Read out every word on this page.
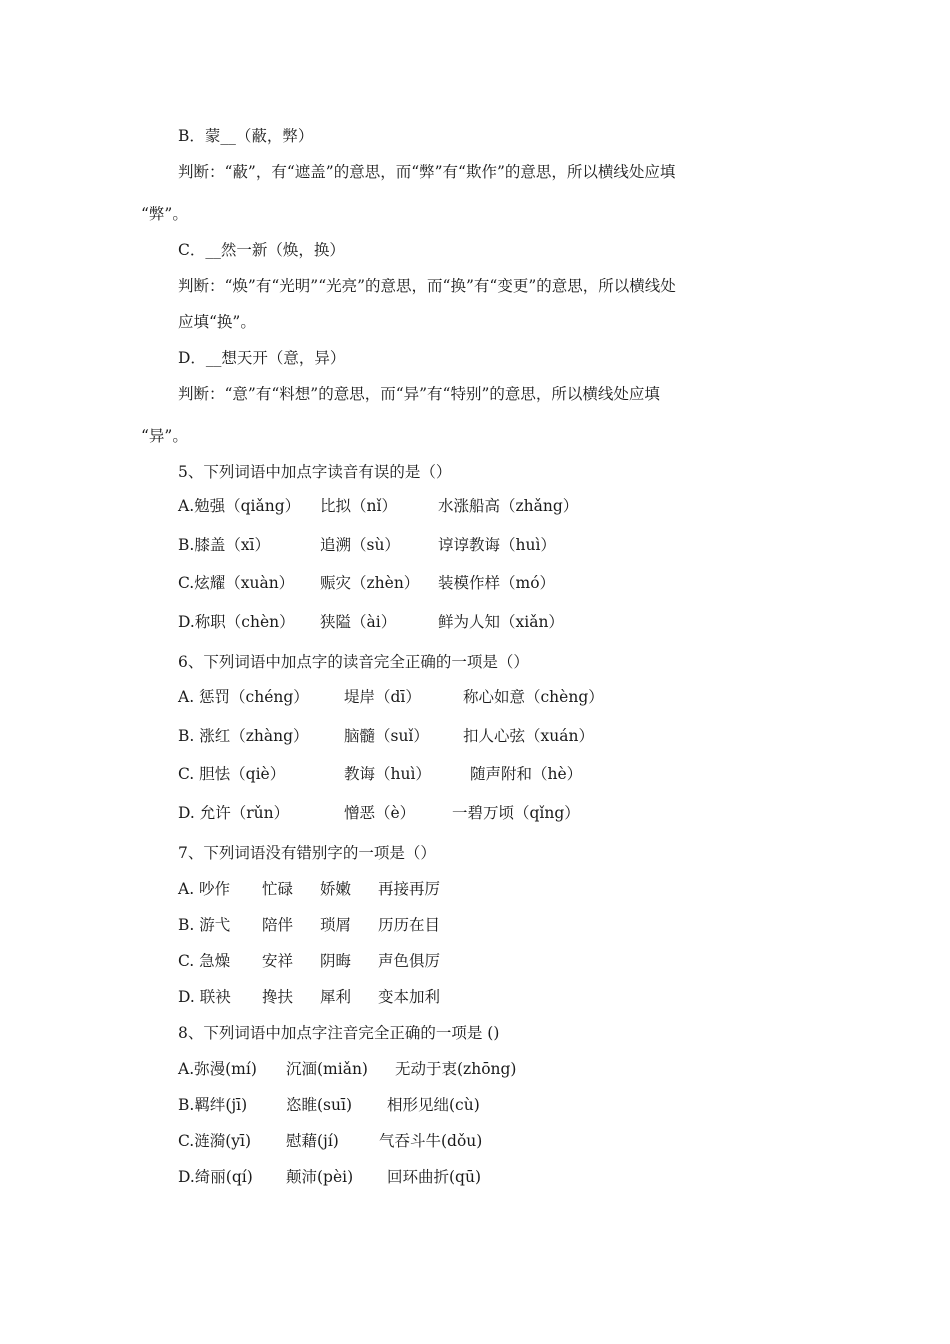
B．蒙__（蔽，弊）
判断：“蔽”，有“遮盖”的意思，而“弊”有“欺作”的意思，所以横线处应填
“弊”。
C．__然一新（焕，换）
判断：“焕”有“光明”“光亮”的意思，而“换”有“变更”的意思，所以横线处
应填“换”。
D．__想天开（意，异）
判断：“意”有“料想”的意思，而“异”有“特别”的意思，所以横线处应填
“异”。
5、下列词语中加点字读音有误的是（）
A.勉强（qiǎng） 比拟（nǐ）	水涨船高（zhǎng）
B.膝盖（xī）	追溯（sù） 谆谆教诲（huì）
C.炫耀（xuàn） 赈灾（zhèn） 装模作样（mó）
D.称职（chèn） 狭隘（ài）	鲜为人知（xiǎn）
6、下列词语中加点字的读音完全正确的一项是（）
A. 惩罚（chéng） 堤岸（dī）	称心如意（chèng）
B. 涨红（zhàng） 脑髓（suǐ） 扣人心弦（xuán）
C. 胆怯（qiè）	教诲（huì）	随声附和（hè）
D. 允许（rǔn）	憎恶（è） 一碧万顷（qǐng）
7、下列词语没有错别字的一项是（）
A. 吵作 忙碌 娇嫩 再接再厉
B. 游弋 陪伴 琐屑 历历在目
C. 急燥 安祥 阴晦 声色俱厉
D. 联袂 搀扶 犀利 变本加利
8、下列词语中加点字注音完全正确的一项是 ()
A.弥漫(mí) 沉湎(miǎn) 无动于衷(zhōng)
B.羁绊(jī)	恣睢(suī) 相形见绌(cù)
C.涟漪(yī) 慰藉(jí)	气吞斗牛(dǒu)
D.绮丽(qí) 颠沛(pèi) 回环曲折(qū)
